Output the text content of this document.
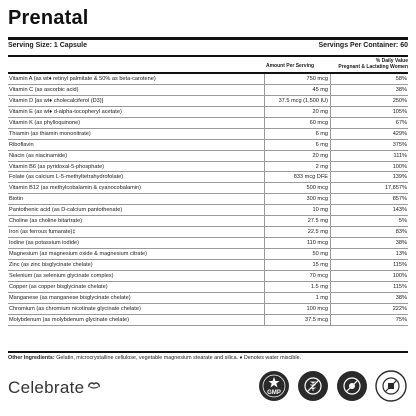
Prenatal
Serving Size: 1 Capsule	Servings Per Container: 60
Amount Per Serving
% Daily Value
Pregnant & Lactating Women
Vitamin A (as wt♦ retinyl palmitate & 50% as beta-carotene)	750 mcg	58%
Vitamin C (as ascorbic acid)	45 mg	38%
Vitamin D [as wt♦ cholecalciferol (D3)]	37.5 mcg (1,500 IU)	250%
Vitamin E (as wt♦ d-alpha-tocopheryl acetate)	20 mg	105%
Vitamin K (as phylloquinone)	60 mcg	67%
Thiamin (as thiamin mononitrate)	6 mg	429%
Riboflavin	6 mg	375%
Niacin (as niacinamide)	20 mg	111%
Vitamin B6 (as pyridoxal-5-phosphate)	2 mg	100%
Folate (as calcium L-5-methyltetrahydrofolate)	833 mcg DFE	139%
Vitamin B12 (as methylcobalamin & cyanocobalamin)	500 mcg	17,857%
Biotin	300 mcg	857%
Pantothenic acid (as D-calcium pantothenate)	10 mg	143%
Choline (as choline bitartrate)	27.5 mg	5%
Iron (as ferrous fumarate)‡	22.5 mg	83%
Iodine (as potassium iodide)	110 mcg	38%
Magnesium (as magnesium oxide & magnesium citrate)	50 mg	13%
Zinc (as zinc bisglycinate chelate)	15 mg	115%
Selenium (as selenium glycinate complex)	70 mcg	100%
Copper (as copper bisglycinate chelate)	1.5 mg	115%
Manganese (as manganese bisglycinate chelate)	1 mg	38%
Chromium (as chromium nicotinate glycinate chelate)	100 mcg	222%
Molybdenum (as molybdenum glycinate chelate)	37.5 mcg	75%
Other Ingredients: Gelatin, microcrystalline cellulose, vegetable magnesium stearate and silica. ♦ Denotes water miscible.
Celebrate	GMP
